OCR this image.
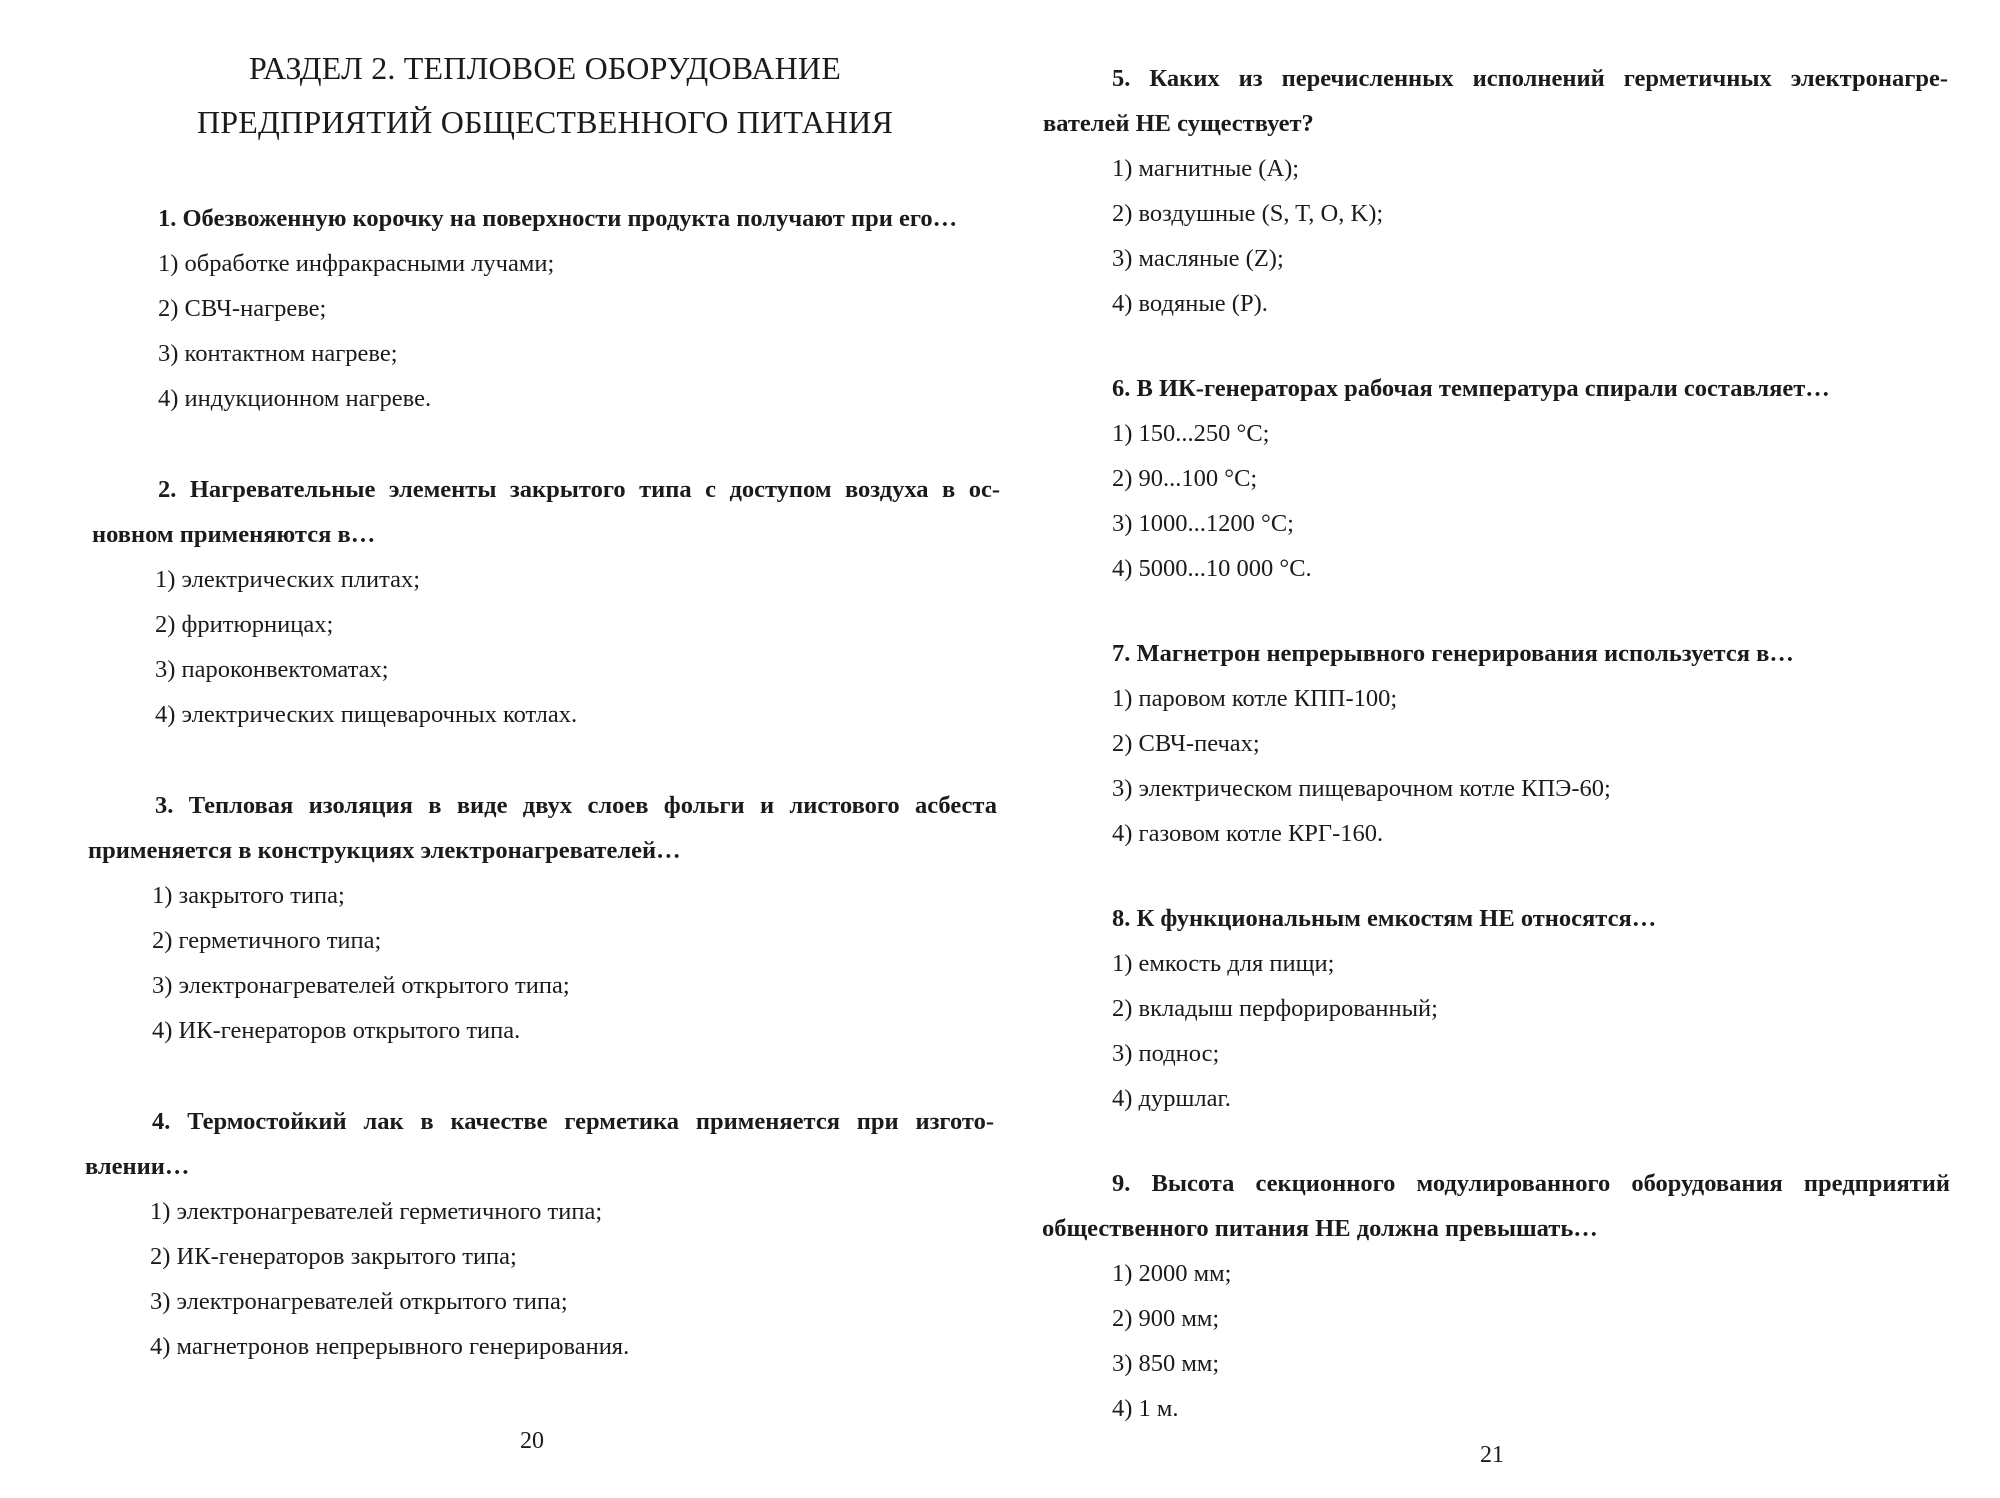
РАЗДЕЛ 2. ТЕПЛОВОЕ ОБОРУДОВАНИЕ
ПРЕДПРИЯТИЙ ОБЩЕСТВЕННОГО ПИТАНИЯ
1. Обезвоженную корочку на поверхности продукта получают при его…
1) обработке инфракрасными лучами;
2) СВЧ-нагреве;
3) контактном нагреве;
4) индукционном нагреве.
2. Нагревательные элементы закрытого типа с доступом воздуха в ос-
новном применяются в…
1) электрических плитах;
2) фритюрницах;
3) пароконвектоматах;
4) электрических пищеварочных котлах.
3. Тепловая изоляция в виде двух слоев фольги и листового асбеста
применяется в конструкциях электронагревателей…
1) закрытого типа;
2) герметичного типа;
3) электронагревателей открытого типа;
4) ИК-генераторов открытого типа.
4. Термостойкий лак в качестве герметика применяется при изгото-
влении…
1) электронагревателей герметичного типа;
2) ИК-генераторов закрытого типа;
3) электронагревателей открытого типа;
4) магнетронов непрерывного генерирования.
20
5. Каких из перечисленных исполнений герметичных электронагре-
вателей НЕ существует?
1) магнитные (А);
2) воздушные (S, T, O, K);
3) масляные (Z);
4) водяные (P).
6. В ИК-генераторах рабочая температура спирали составляет…
1) 150...250 °С;
2) 90...100 °С;
3) 1000...1200 °С;
4) 5000...10 000 °С.
7. Магнетрон непрерывного генерирования используется в…
1) паровом котле КПП-100;
2) СВЧ-печах;
3) электрическом пищеварочном котле КПЭ-60;
4) газовом котле КРГ-160.
8. К функциональным емкостям НЕ относятся…
1) емкость для пищи;
2) вкладыш перфорированный;
3) поднос;
4) дуршлаг.
9. Высота секционного модулированного оборудования предприятий
общественного питания НЕ должна превышать…
1) 2000 мм;
2) 900 мм;
3) 850 мм;
4) 1 м.
21
